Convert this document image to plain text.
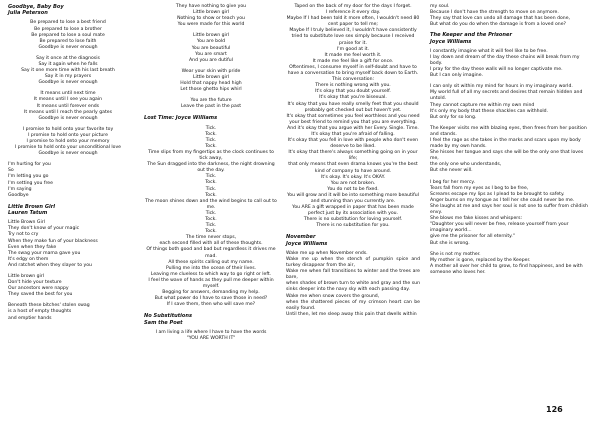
Goodbye, Baby Boy
Julia Peterson
Be prepared to lose a best friend
Be prepared to lose a brother
Be prepared to lose a soul mate
Be prepared to lose faith
Goodbye is never enough
Say it once at the diagnosis
Say it again when he falls
Say it one more time with his last breath
Say it in my prayers
Goodbye is never enough
It means until next time
It means until I see you again
It means until forever ends
It means until I reach the pearly gates
Goodbye is never enough
I promise to hold onto your favorite toy
I promise to hold onto your picture
I promise to hold onto your memory
I promise to hold onto your unconditional love
Goodbye is never enough
I'm hurting for you
So
I'm letting you go
I'm setting you free
I'm saying
Goodbye
Little Brown Girl
Lauren Tatum
Little Brown Girl
They don't know of your magic
Try not to cry
When they make fun of your blackness
Even when they fake
The swag your mama gave you
It's edgy on them
And ratchet when they slayer to you
Little brown girl
Don't hide your texture
Our ancestors were nappy
They saved the best for you
Beneath these bitches' stolen swag
is a host of empty thoughts
and emptier hands
They have nothing to give you
Little brown girl
Nothing to show or teach you
You were made for this world
Little brown girl
You are bold
You are beautiful
You are smart
And you are dutiful
Wear your skin with pride
Little brown girl
Hold that nappy head high
Let those ghetto hips whirl
You are the future
Leave the past in the past
Lost Time: Joyce Williams
Tick.
Tock.
Tick.
Tock.
Time slips from my fingertips as the clock continues to tick away,
The Sun dragged into the darkness, the night drowning out the day.
Tick.
Tock.
Tick.
Tock.
The moon shines down and the wind begins to call out to me.
Tick.
Tock.
Tick.
Tock.
The time never stops,
each second filled with all of these thoughts.
Of things both good and bad but regardless it drives me mad.
All these spirits calling out my name.
Pulling me into the ocean of their lives.
Leaving me clueless to which way to go right or left.
I feel the wave of hands as they pull me deeper within myself.
Begging for answers, demanding my help.
But what power do I have to save those in need?
If I save them, then who will save me?
No Substitutions
Sam the Poet
I am living a life where I have to have the words
"YOU ARE WORTH IT"
Taped on the back of my door for the days I forget.
I reference it every day.
Maybe If I had been told it more often, I wouldn't need 80 cent paper to tell me;
Maybe If I truly believed it, I wouldn't have consistently tried to substitute love sex simply because I received praise for it.
I'm good at it.
It made me feel worth it.
It made me feel like a gift for once.
Oftentimes, I consume myself in self-doubt and have to have a conversation to bring myself back down to Earth.
This conversation:
There is nothing wrong with you.
It's okay that you doubt yourself.
It's okay that you're bisexual.
It's okay that you have really smelly feet that you should probably get checked out but haven't yet.
It's okay that sometimes you feel worthless and you need your best friend to remind you that you are everything.
And it's okay that you argue with her Every. Single. Time.
It's okay that you're afraid of falling.
It's okay that you fell in love with people who don't even deserve to be liked.
It's okay that there's always something going on in your life;
that only means that even drama knows you're the best kind of company to have around.
It's okay. It's okay. It's OKAY.
You are not broken.
You do not to be fixed.
You will grow and it will be into something more beautiful and stunning than you currently are.
You ARE a gift wrapped in paper that has been made perfect just by its association with you.
There is no substitution for loving yourself.
There is no substitution for you.
November
Joyce Williams
Wake me up when November ends.
Wake me up when the stench of pumpkin spice and turkey disappear from the air,
Wake me when fall transitions to winter and the trees are bare,
when shades of brown turn to white and gray and the sun sinks deeper into the navy sky with each passing day.
Wake me when snow covers the ground,
when the shattered pieces of my crimson heart can be easily found.
Until then, let me sleep away this pain that dwells within
my soul.
Because I don't have the strength to move on anymore.
They say that love can undo all damage that has been done,
But what do you do when the damage is from a loved one?
The Keeper and the Prisoner
Joyce Williams
I constantly imagine what it will feel like to be free.
I lay down and dream of the day these chains will break from my body.
I pray for the day these walls will no longer captivate me.
But I can only imagine.
I can only sit within my mind for hours in my imaginary world.
My world full of all my secrets and desires that remain hidden and untold.
They cannot capture me within my own mind
It's only my body that these shackles can withhold.
But only for so long.
The Keeper visits me with blazing eyes, then frees from her position and stands.
I feel the rage as she takes in the marks and scars upon my body made by my own hands.
She hisses her tongue and says she will be the only one that loves me,
the only one who understands,
But she never will.
I beg for her mercy.
Tears fall from my eyes as I beg to be free,
Screams escape my lips as I plead to be brought to safety.
Anger burns on my tongue as I tell her she could never be me.
She laughs at me and says her soul is not one to suffer from childish envy.
She blows me fake kisses and whispers:
"Daughter you will never be free, release yourself from your imaginary world...
give me the prisoner for all eternity."
But she is wrong.
She is not my mother.
My mother is gone, replaced by the Keeper.
A mother all over her child to grow, to find happiness, and be with someone who loves her.
126
